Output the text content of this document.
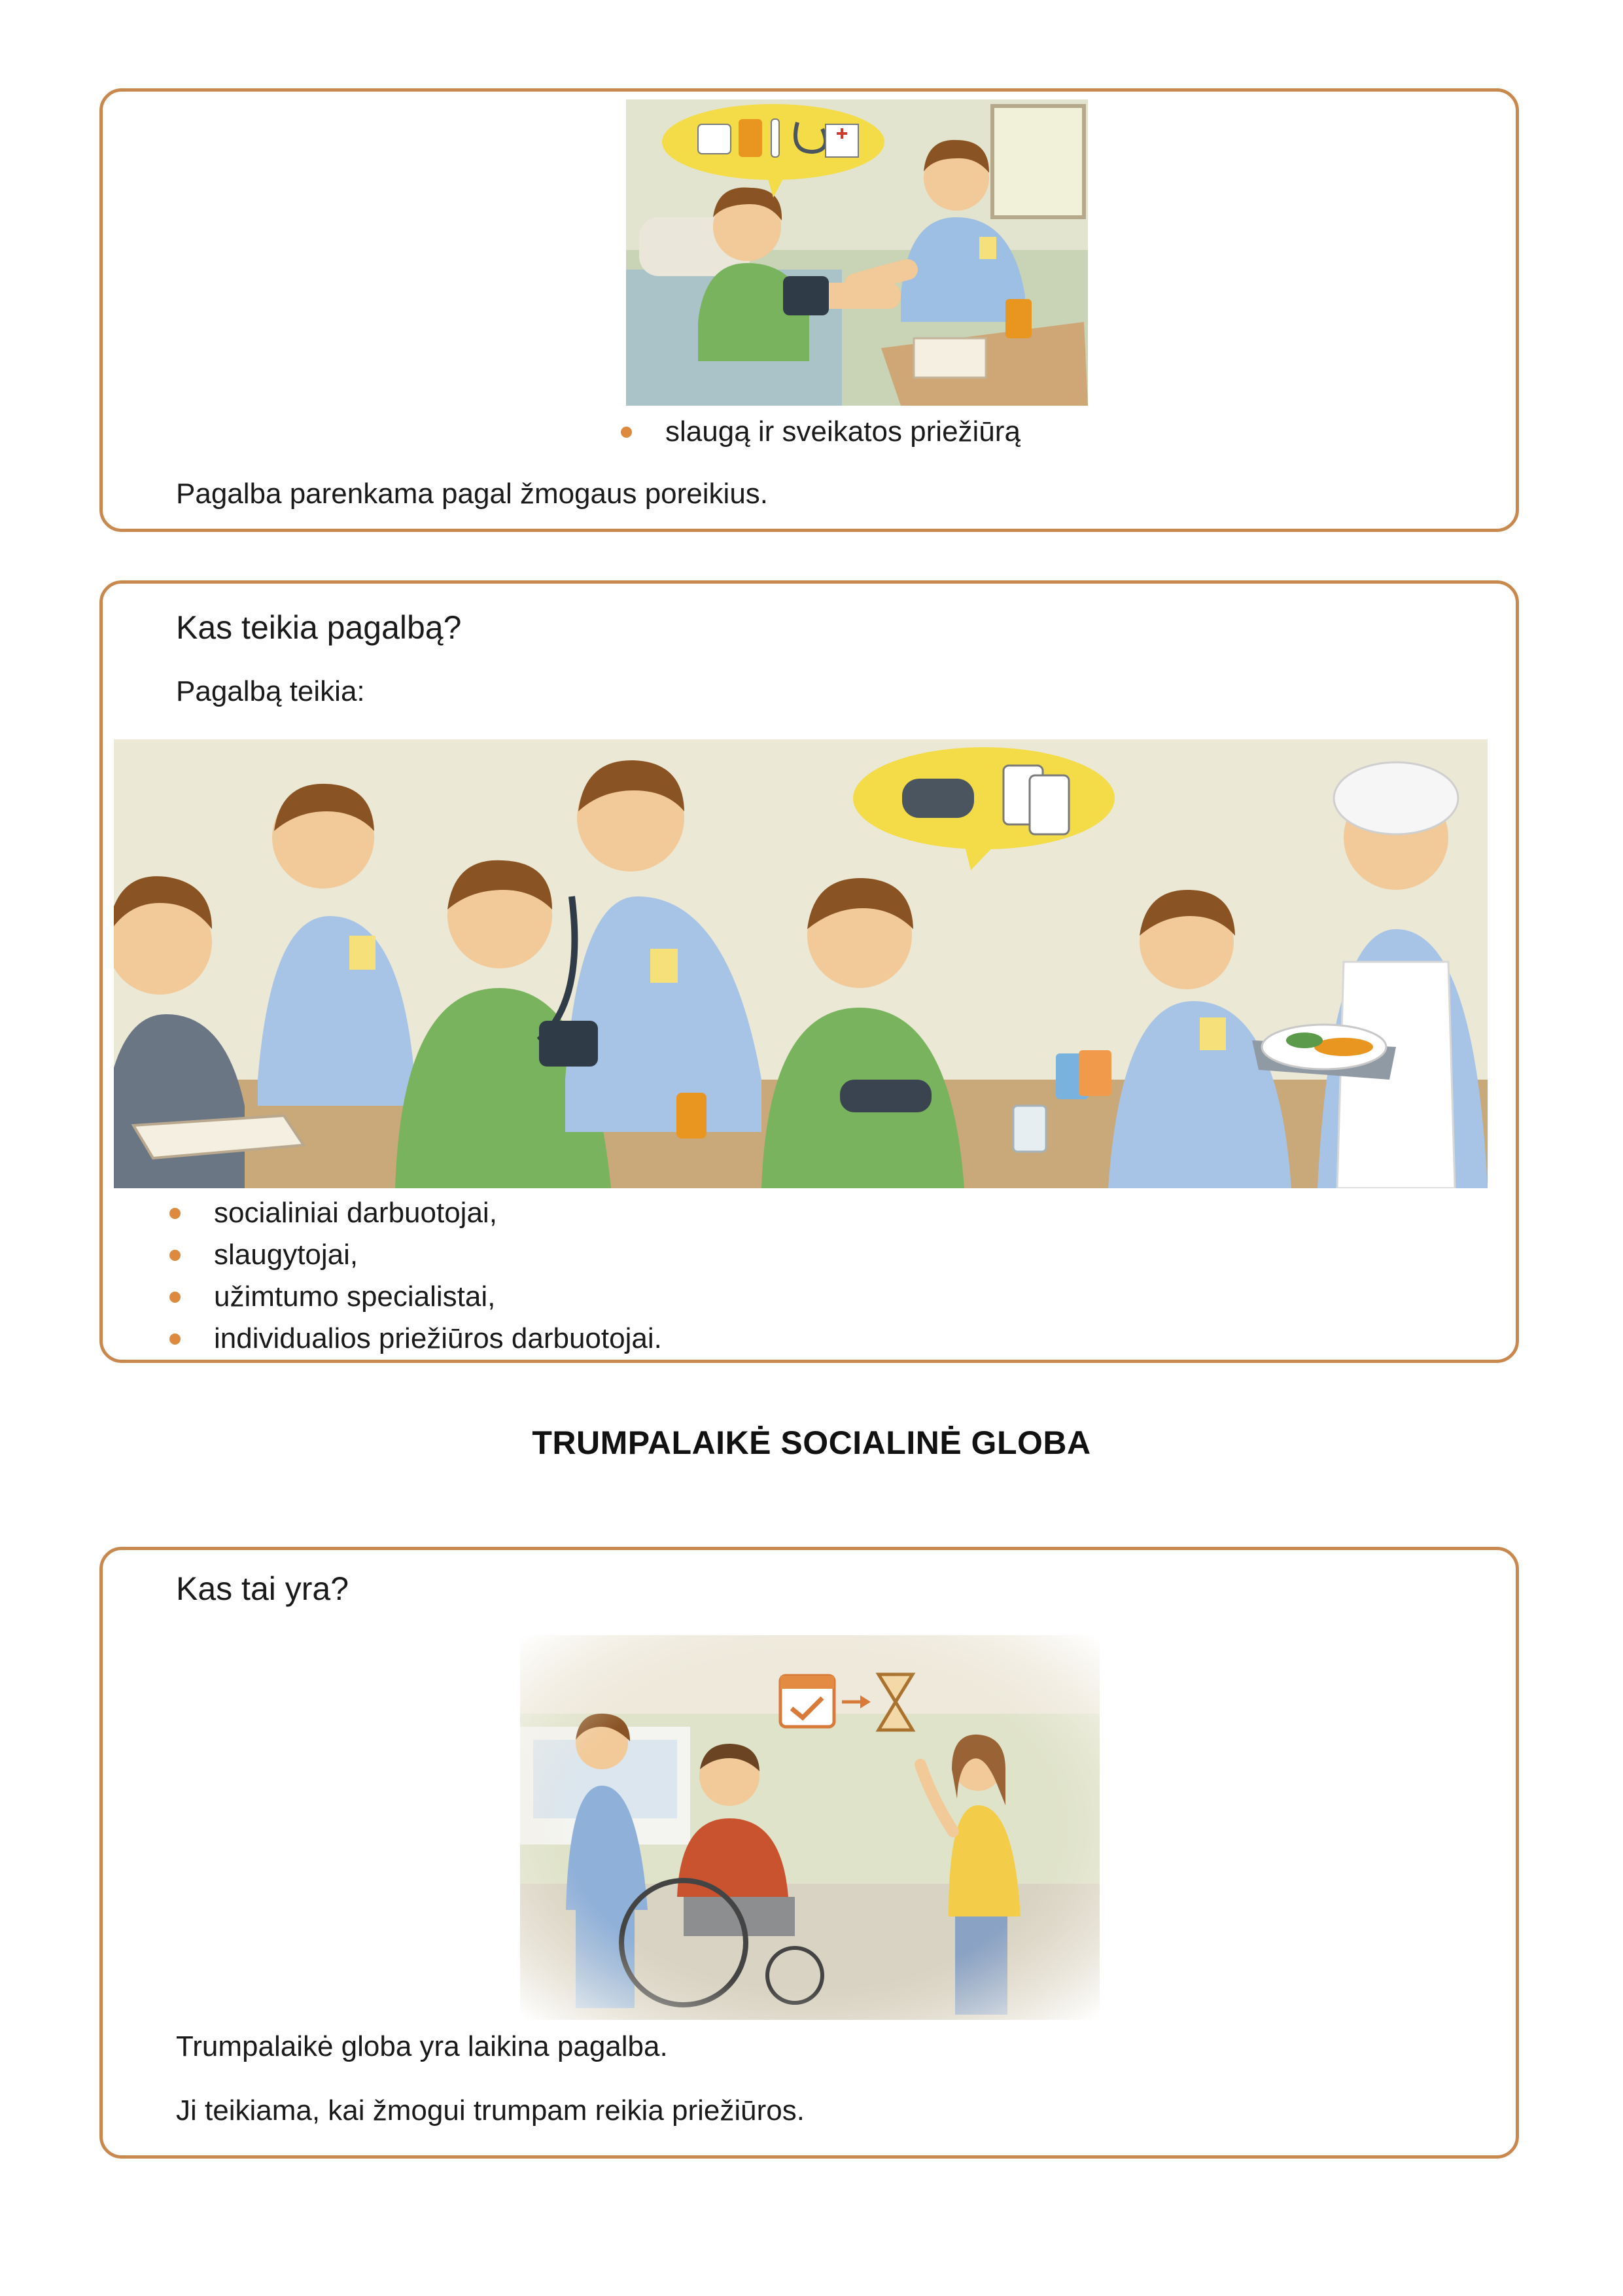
slaugą ir sveikatos priežiūrą
Pagalba parenkama pagal žmogaus poreikius.
Kas teikia pagalbą?
Pagalbą teikia:
socialiniai darbuotojai,
slaugytojai,
užimtumo specialistai,
individualios priežiūros darbuotojai.
TRUMPALAIKĖ SOCIALINĖ GLOBA
Kas tai yra?
Trumpalaikė globa yra laikina pagalba.
Ji teikiama, kai žmogui trumpam reikia priežiūros.
